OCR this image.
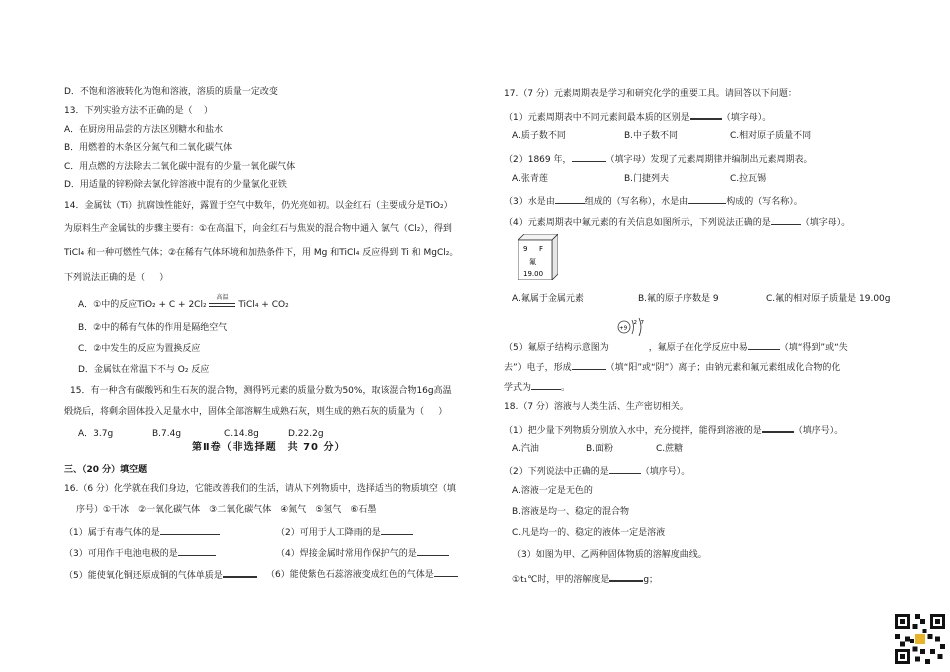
D．不饱和溶液转化为饱和溶液，溶质的质量一定改变
13．下列实验方法不正确的是（    ）
A．在厨房用品尝的方法区别糖水和盐水
B．用燃着的木条区分氮气和二氧化碳气体
C．用点燃的方法除去二氧化碳中混有的少量一氧化碳气体
D．用适量的锌粉除去氯化锌溶液中混有的少量氯化亚铁
14．金属钛（Ti）抗腐蚀性能好，露置于空气中数年，仍光亮如初。以金红石（主要成分是TiO₂）
为原料生产金属钛的步骤主要有：①在高温下，向金红石与焦炭的混合物中通入 氯气（Cl₂），得到
TiCl₄ 和一种可燃性气体；②在稀有气体环境和加热条件下，用 Mg 和TiCl₄ 反应得到 Ti 和 MgCl₂。
下列说法正确的是（     ）
A．①中的反应TiO₂ + C + 2Cl₂
高温
TiCl₄ + CO₂
B．②中的稀有气体的作用是隔绝空气
C．②中发生的反应为置换反应
D．金属钛在常温下不与 O₂ 反应
15．有一种含有碳酸钙和生石灰的混合物，测得钙元素的质量分数为50%，取该混合物16g高温
煅烧后，将剩余固体投入足量水中，固体全部溶解生成熟石灰，则生成的熟石灰的质量为（     ）
A．3.7g	B.7.4g	C.14.8g	D.22.2g
第Ⅱ卷（非选择题　共 70 分）
三、（20 分）填空题
16.（6 分）化学就在我们身边，它能改善我们的生活，请从下列物质中，选择适当的物质填空（填
序号）①干冰　②一氧化碳气体　③二氧化碳气体　④氮气　⑤氢气　⑥石墨
（1）属于有毒气体的是	（2）可用于人工降雨的是
（3）可用作干电池电极的是	（4）焊接金属时常用作保护气的是
（5）能使氧化铜还原成铜的气体单质是	（6）能使紫色石蕊溶液变成红色的气体是
17.（7 分）元素周期表是学习和研究化学的重要工具。请回答以下问题：
（1）元素周期表中不同元素间最本质的区别是	（填字母）。
A.质子数不同	B.中子数不同	C.相对原子质量不同
（2）1869 年，	（填字母）发现了元素周期律并编制出元素周期表。
A.张青莲	B.门捷列夫	C.拉瓦锡
（3）水是由	组成的（写名称），水是由	构成的（写名称）。
（4）元素周期表中氟元素的有关信息如图所示，下列说法正确的是	（填字母）。
9 F
氟
19.00
A.氟属于金属元素	B.氟的原子序数是 9	C.氟的相对原子质量是 19.00g
+9
2 7
（5）氟原子结构示意图为	，氟原子在化学反应中易	（填“得到”或“失
去”）电子，形成	（填“阳”或“阴”）离子；由钠元素和氟元素组成化合物的化
学式为	。
18.（7 分）溶液与人类生活、生产密切相关。
（1）把少量下列物质分别放入水中，充分搅拌，能得到溶液的是	（填序号）。
A.汽油	B.面粉	C.蔗糖
（2）下列说法中正确的是	（填序号）。
A.溶液一定是无色的
B.溶液是均一、稳定的混合物
C.凡是均一的、稳定的液体一定是溶液
（3）如图为甲、乙两种固体物质的溶解度曲线。
①t₁℃时，甲的溶解度是	g；
